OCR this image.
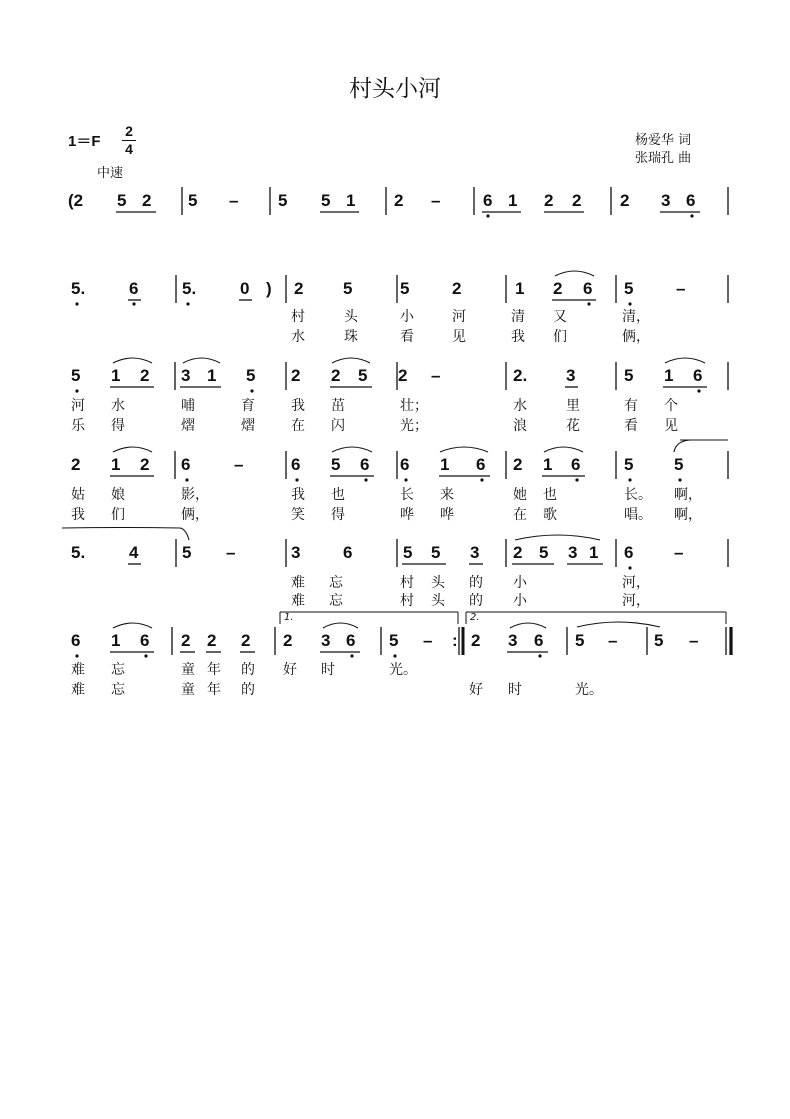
村头小河
1＝F
2
4
中速
杨爱华 词
张瑞孔 曲
(2 5 2 5 – 5 5 1 2 –	6 1 2 2 2 3 6
5.	6	5.	0 ) 2 5	5	2	1 2 6 5	–
村	头	小	河	清 又	清，
水	珠	看	见	我 们	俩，
5 1 2 3 1 5 2 2 5 2 –	2. 3	5 1 6
河 水	哺	育	我 茁	壮；	水	里	有 个
乐 得	熠	熠	在 闪	光；	浪	花	看 见
2 1 2 6	–	6 5 6 6 1 6 2 1 6	5 5
姑 娘	影，	我 也	长 来	她 也	长。 啊，
我 们	俩，	笑 得	哗 哗	在 歌	唱。 啊，
5.	4	5 –	3	6	5 5 3 2 5 3 1 6 –
难 忘	村 头 的 小	河，
难 忘	村 头 的 小	河，
1.	2.
6 1 6 2 2 2 2 3 6 5 – : 2 3 6 5 – 5 –
难 忘	童 年 的 好 时	光。
难 忘	童 年 的	好 时	光。
